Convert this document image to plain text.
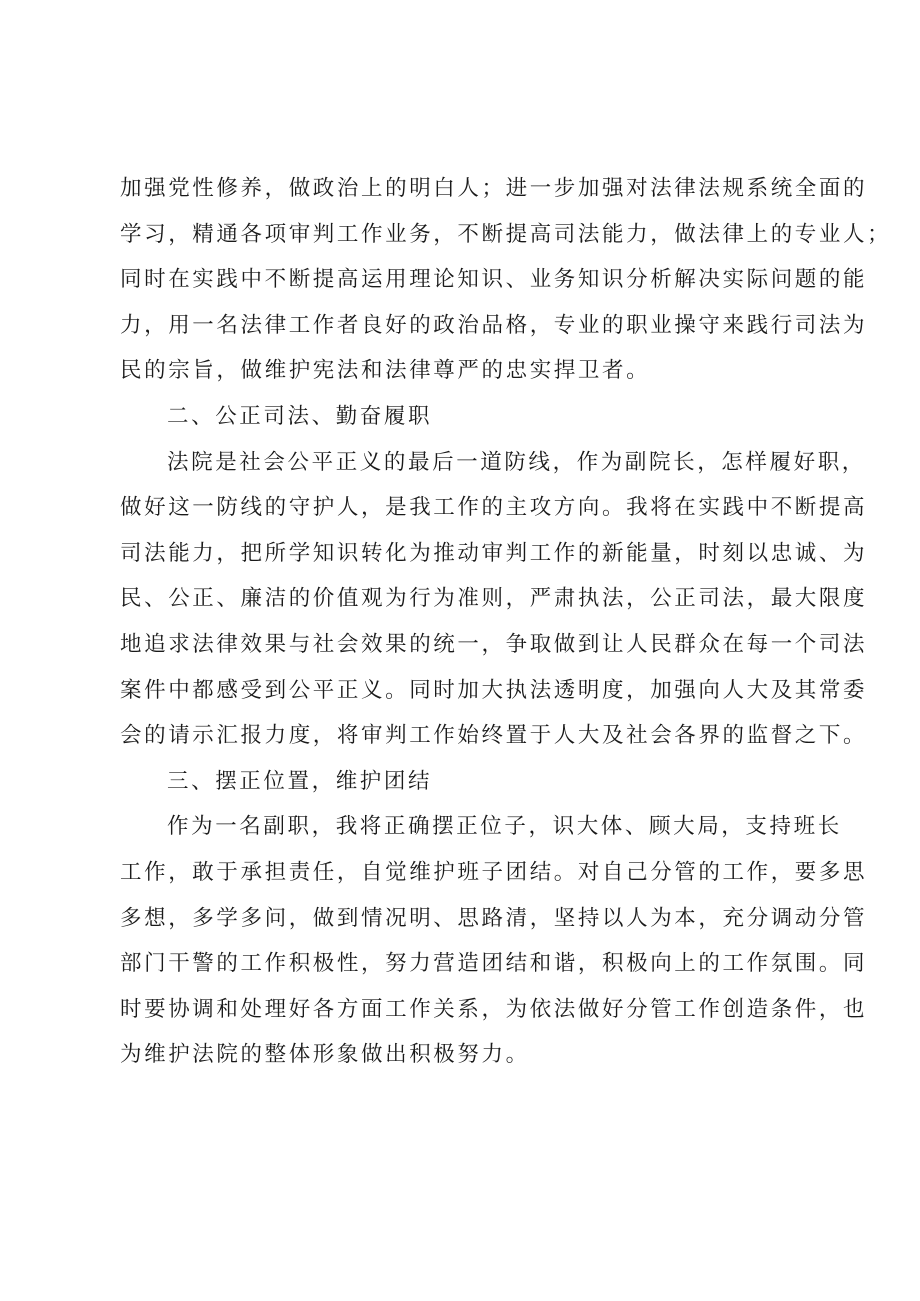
加强党性修养，做政治上的明白人；进一步加强对法律法规系统全面的
学习，精通各项审判工作业务，不断提高司法能力，做法律上的专业人；
同时在实践中不断提高运用理论知识、业务知识分析解决实际问题的能
力，用一名法律工作者良好的政治品格，专业的职业操守来践行司法为
民的宗旨，做维护宪法和法律尊严的忠实捍卫者。
二、公正司法、勤奋履职
法院是社会公平正义的最后一道防线，作为副院长，怎样履好职，
做好这一防线的守护人，是我工作的主攻方向。我将在实践中不断提高
司法能力，把所学知识转化为推动审判工作的新能量，时刻以忠诚、为
民、公正、廉洁的价值观为行为准则，严肃执法，公正司法，最大限度
地追求法律效果与社会效果的统一，争取做到让人民群众在每一个司法
案件中都感受到公平正义。同时加大执法透明度，加强向人大及其常委
会的请示汇报力度，将审判工作始终置于人大及社会各界的监督之下。
三、摆正位置，维护团结
作为一名副职，我将正确摆正位子，识大体、顾大局，支持班长
工作，敢于承担责任，自觉维护班子团结。对自己分管的工作，要多思
多想，多学多问，做到情况明、思路清，坚持以人为本，充分调动分管
部门干警的工作积极性，努力营造团结和谐，积极向上的工作氛围。同
时要协调和处理好各方面工作关系，为依法做好分管工作创造条件，也
为维护法院的整体形象做出积极努力。
